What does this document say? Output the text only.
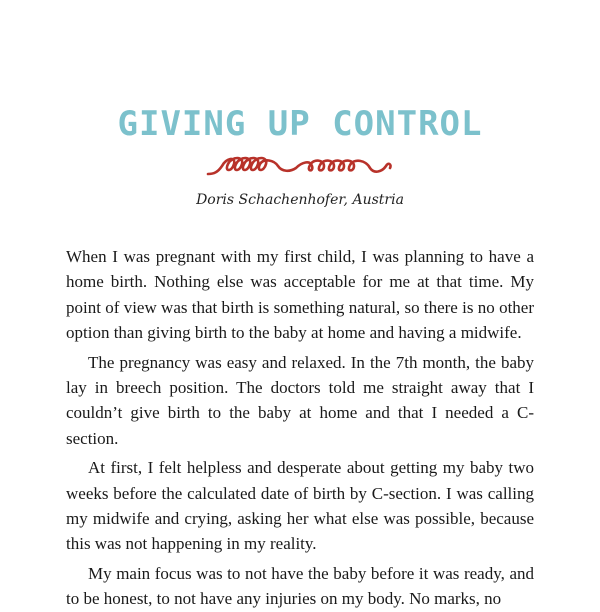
GIVING UP CONTROL
Doris Schachenhofer, Austria

When I was pregnant with my first child, I was planning to have a home birth. Nothing else was acceptable for me at that time. My point of view was that birth is something natural, so there is no other option than giving birth to the baby at home and having a midwife.

The pregnancy was easy and relaxed. In the 7th month, the baby lay in breech position. The doctors told me straight away that I couldn’t give birth to the baby at home and that I needed a C-section.

At first, I felt helpless and desperate about getting my baby two weeks before the calculated date of birth by C-section. I was calling my midwife and crying, asking her what else was possible, because this was not happening in my reality.

My main focus was to not have the baby before it was ready, and to be honest, to not have any injuries on my body. No marks, no
